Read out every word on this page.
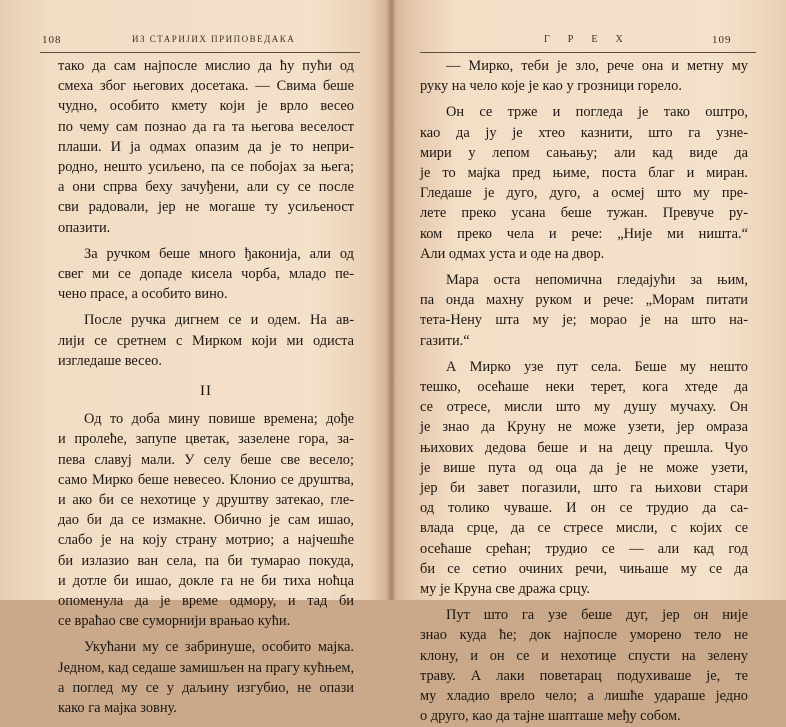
108	ИЗ СТАРИЈИХ ПРИПОВЕДАКА
тако да сам најпосле мислио да ћу пући од
смеха због његових досетака. — Свима беше
чудно, особито кмету који је врло весео
по чему сам познао да га та његова веселост
плаши. И ја одмах опазим да је то непри-
родно, нешто усиљено, па се побојах за њега;
а они спрва беху зачуђени, али су се после
сви радовали, јер не могаше ту усиљеност
опазити.
За ручком беше много ђаконија, али од
свег ми се допаде кисела чорба, младо пе-
чено прасе, а особито вино.
После ручка дигнем се и одем. На ав-
лији се сретнем с Мирком који ми одиста
изгледаше весео.
II
Од то доба мину повише времена; дође
и пролеће, запупе цветак, зазелене гора, за-
пева славуј мали. У селу беше све весело;
само Мирко беше невесео. Клонио се друштва,
и ако би се нехотице у друштву затекао, гле-
дао би да се измакне. Обично је сам ишао,
слабо је на коју страну мотрио; а најчешће
би излазио ван села, па би тумарао покуда,
и дотле би ишао, докле га не би тиха ноћца
опоменула да је време одмору, и тад би
се враћао све суморнији врањао кући.
Укућани му се забринуше, особито мајка.
Једном, кад седаше замишљен на прагу кућњем,
а поглед му се у даљину изгубио, не опази
како га мајка зовну.
ГРЕХ	109
— Мирко, теби је зло, рече она и метну му
руку на чело које је као у грозници горело.
Он се трже и погледа је тако оштро,
као да ју је хтео казнити, што га узне-
мири у лепом сањању; али кад виде да
је то мајка пред њиме, поста благ и миран.
Гледаше је дуго, дуго, а осмеј што му пре-
лете преко усана беше тужан. Превуче ру-
ком преко чела и рече: „Није ми ништа.“
Али одмах уста и оде на двор.
Мара оста непомична гледајући за њим,
па онда махну руком и рече: „Морам питати
тета-Нену шта му је; морао је на што на-
газити.“
А Мирко узе пут села. Беше му нешто
тешко, осећаше неки терет, кога хтеде да
се отресе, мисли што му душу мучаху. Он
је знао да Круну не може узети, јер омраза
њихових дедова беше и на децу прешла. Чуо
је више пута од оца да је не може узети,
јер би завет погазили, што га њихови стари
од толико чуваше. И он се трудио да са-
влада срце, да се стресе мисли, с којих се
осећаше срећан; трудио се — али кад год
би се сетио очиних речи, чињаше му се да
му је Круна све дража срцу.
Пут што га узе беше дуг, јер он није
знао куда ће; док најпосле уморено тело не
клону, и он се и нехотице спусти на зелену
траву. А лаки поветарац подухиваше је, те
му хладио врело чело; а лишће ударaше једно
о друго, као да тајне шапташе међу собом.
